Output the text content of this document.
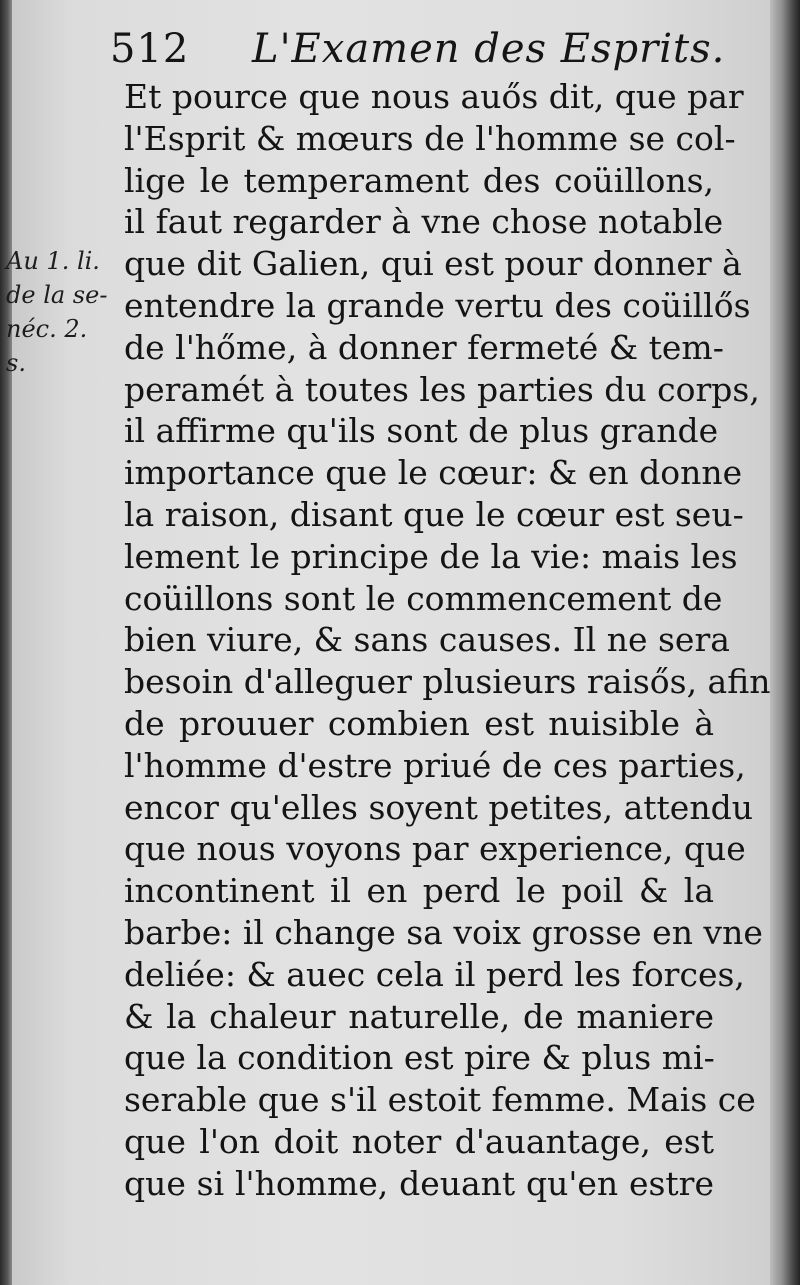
512 L'Examen des Esprits.
Au 1. li.
de la se-
néc. 2.
s.
Et pource que nous auős dit, que par
l'Esprit & mœurs de l'homme se col-
lige le temperament des coüillons,
il faut regarder à vne chose notable
que dit Galien, qui est pour donner à
entendre la grande vertu des coüillős
de l'hőme, à donner fermeté & tem-
peramét à toutes les parties du corps,
il affirme qu'ils sont de plus grande
importance que le cœur: & en donne
la raison, disant que le cœur est seu-
lement le principe de la vie: mais les
coüillons sont le commencement de
bien viure, & sans causes. Il ne sera
besoin d'alleguer plusieurs raisős, afin
de prouuer combien est nuisible à
l'homme d'estre priué de ces parties,
encor qu'elles soyent petites, attendu
que nous voyons par experience, que
incontinent il en perd le poil & la
barbe: il change sa voix grosse en vne
deliée: & auec cela il perd les forces,
& la chaleur naturelle, de maniere
que la condition est pire & plus mi-
serable que s'il estoit femme. Mais ce
que l'on doit noter d'auantage, est
que si l'homme, deuant qu'en estre
